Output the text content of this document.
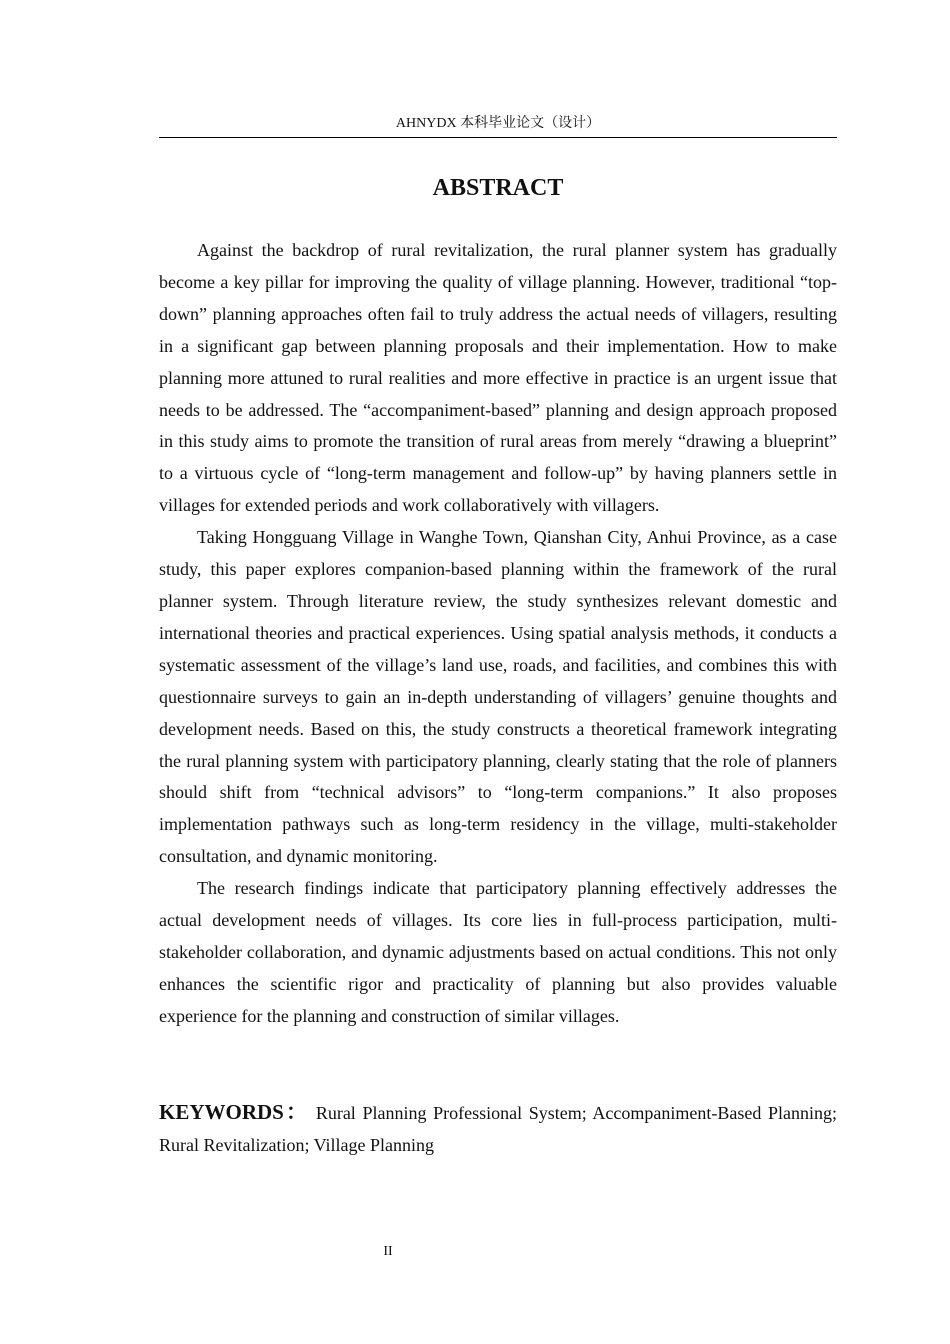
AHNYDX 本科毕业论文（设计）
ABSTRACT

Against the backdrop of rural revitalization, the rural planner system has gradually become a key pillar for improving the quality of village planning. However, traditional “top-down” planning approaches often fail to truly address the actual needs of villagers, resulting in a significant gap between planning proposals and their implementation. How to make planning more attuned to rural realities and more effective in practice is an urgent issue that needs to be addressed. The “accompaniment-based” planning and design approach proposed in this study aims to promote the transition of rural areas from merely “drawing a blueprint” to a virtuous cycle of “long-term management and follow-up” by having planners settle in villages for extended periods and work collaboratively with villagers.

Taking Hongguang Village in Wanghe Town, Qianshan City, Anhui Province, as a case study, this paper explores companion-based planning within the framework of the rural planner system. Through literature review, the study synthesizes relevant domestic and international theories and practical experiences. Using spatial analysis methods, it conducts a systematic assessment of the village’s land use, roads, and facilities, and combines this with questionnaire surveys to gain an in-depth understanding of villagers’ genuine thoughts and development needs. Based on this, the study constructs a theoretical framework integrating the rural planning system with participatory planning, clearly stating that the role of planners should shift from “technical advisors” to “long-term companions.” It also proposes implementation pathways such as long-term residency in the village, multi-stakeholder consultation, and dynamic monitoring.

The research findings indicate that participatory planning effectively addresses the actual development needs of villages. Its core lies in full-process participation, multi-stakeholder collaboration, and dynamic adjustments based on actual conditions. This not only enhances the scientific rigor and practicality of planning but also provides valuable experience for the planning and construction of similar villages.

KEYWORDS： Rural Planning Professional System; Accompaniment-Based Planning; Rural Revitalization; Village Planning

II
